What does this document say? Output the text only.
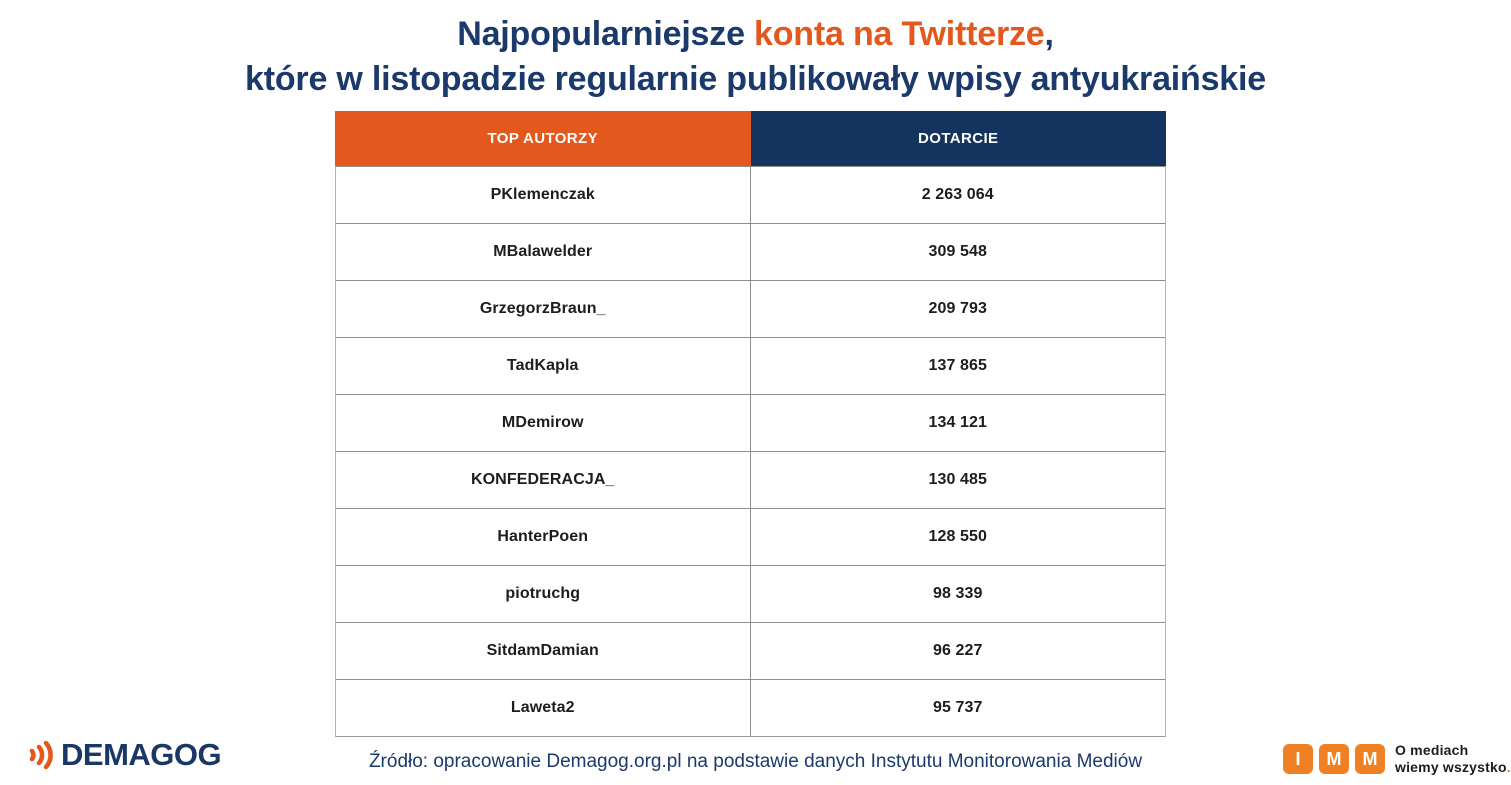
Najpopularniejsze konta na Twitterze,
które w listopadzie regularnie publikowały wpisy antyukraińskie
TOP AUTORZY	DOTARCIE
PKlemenczak	2 263 064
MBalawelder	309 548
GrzegorzBraun_	209 793
TadKapla	137 865
MDemirow	134 121
KONFEDERACJA_	130 485
HanterPoen	128 550
piotruchg	98 339
SitdamDamian	96 227
Laweta2	95 737
DEMAGOG	Źródło: opracowanie Demagog.org.pl na podstawie danych Instytutu Monitorowania Mediów	I	M	M	O mediach
wiemy wszystko.
